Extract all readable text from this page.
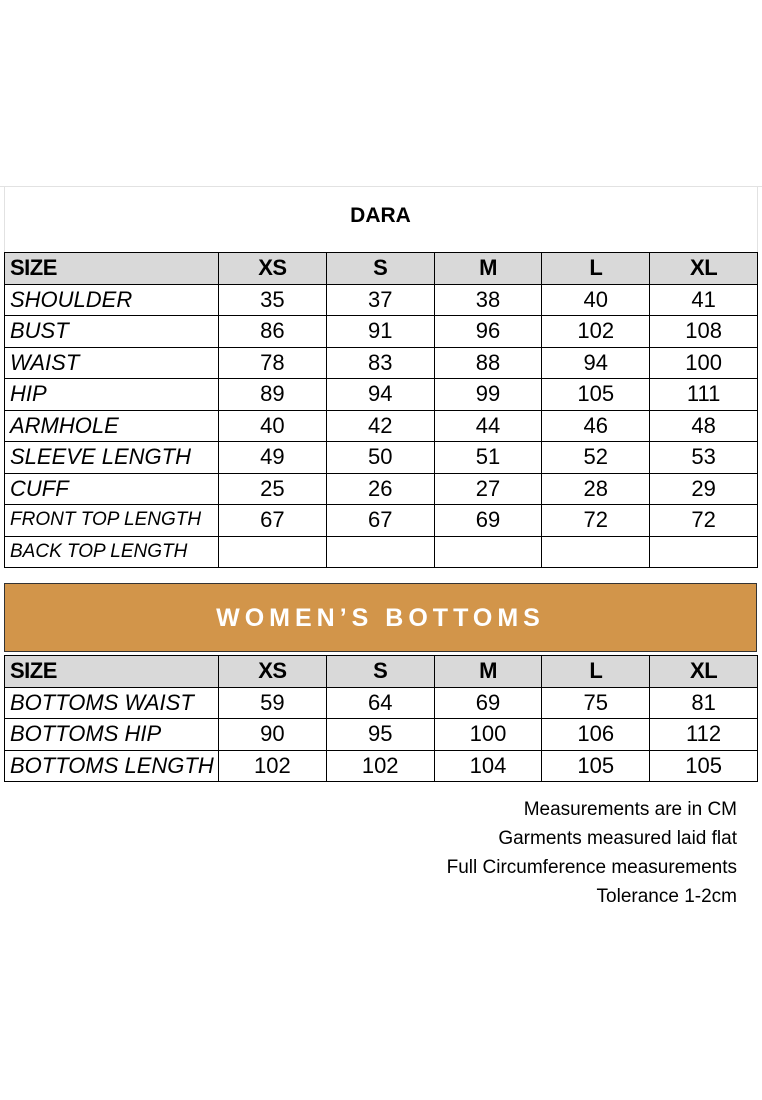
DARA
SIZE	XS	S	M	L	XL
SHOULDER	35	37	38	40	41
BUST	86	91	96	102	108
WAIST	78	83	88	94	100
HIP	89	94	99	105	111
ARMHOLE	40	42	44	46	48
SLEEVE LENGTH	49	50	51	52	53
CUFF	25	26	27	28	29
FRONT TOP LENGTH	67	67	69	72	72
BACK TOP LENGTH					
WOMEN’S BOTTOMS
SIZE	XS	S	M	L	XL
BOTTOMS WAIST	59	64	69	75	81
BOTTOMS HIP	90	95	100	106	112
BOTTOMS LENGTH	102	102	104	105	105
Measurements are in CM
Garments measured laid flat
Full Circumference measurements
Tolerance 1-2cm
